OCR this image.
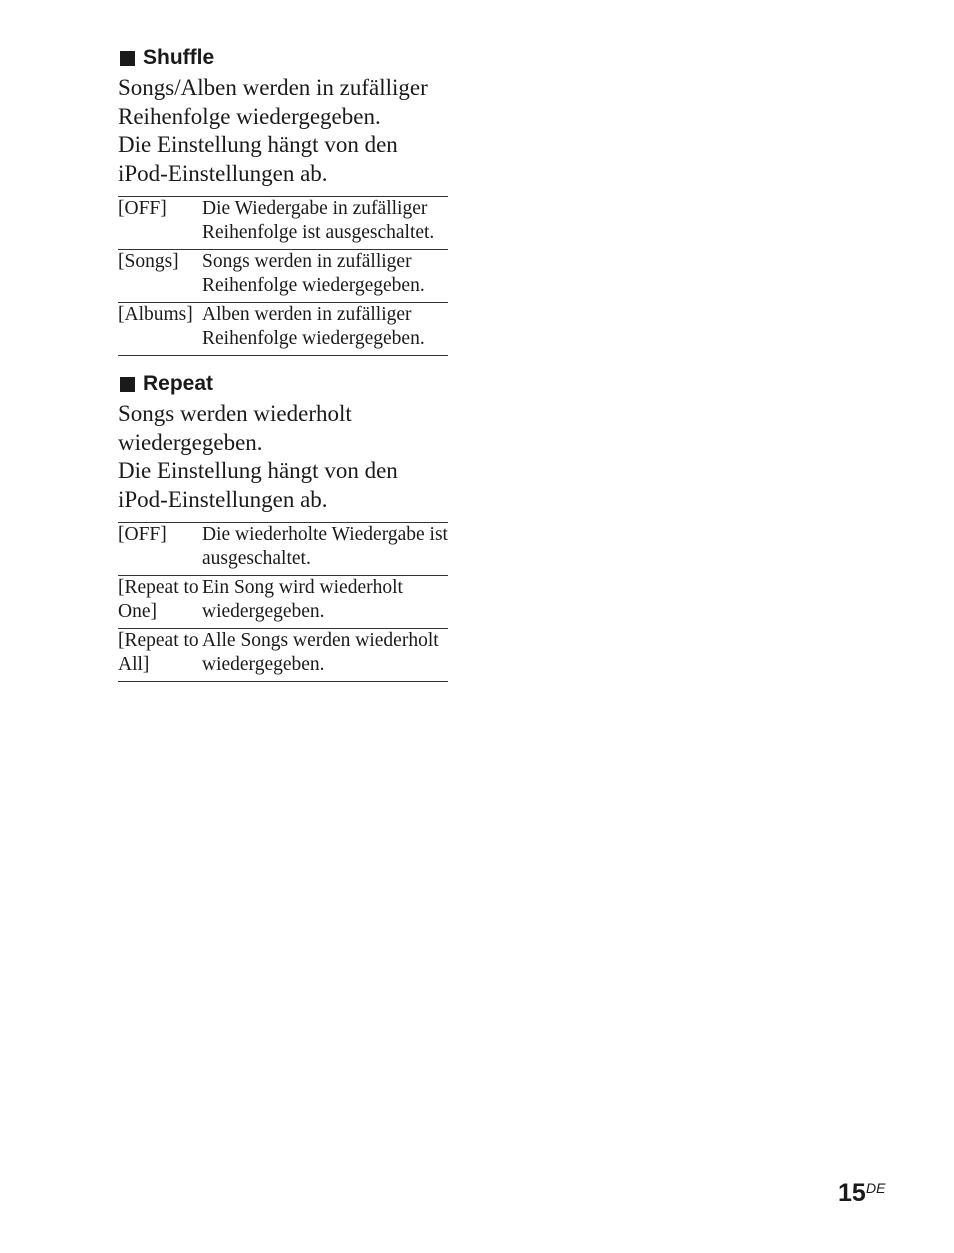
Shuffle

Songs/Alben werden in zufälliger Reihenfolge wiedergegeben.

Die Einstellung hängt von den iPod-Einstellungen ab.

[OFF]	Die Wiedergabe in zufälliger Reihenfolge ist ausgeschaltet.
[Songs]	Songs werden in zufälliger Reihenfolge wiedergegeben.
[Albums]	Alben werden in zufälliger Reihenfolge wiedergegeben.
Repeat

Songs werden wiederholt wiedergegeben.

Die Einstellung hängt von den iPod-Einstellungen ab.

[OFF]	Die wiederholte Wiedergabe ist ausgeschaltet.
[Repeat to One]	Ein Song wird wiederholt wiedergegeben.
[Repeat to All]	Alle Songs werden wiederholt wiedergegeben.
15 DE
